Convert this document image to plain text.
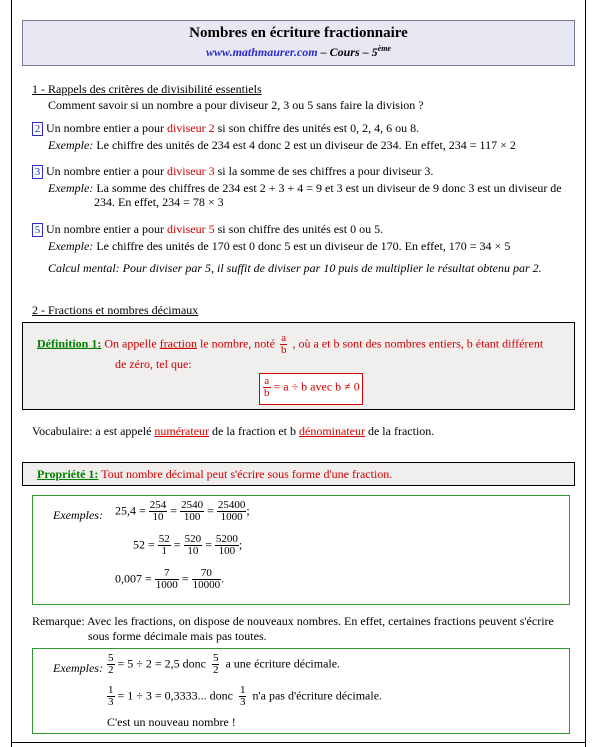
Nombres en écriture fractionnaire
www.mathmaurer.com – Cours – 5ème
1 - Rappels des critères de divisibilité essentiels
Comment savoir si un nombre a pour diviseur 2, 3 ou 5 sans faire la division ?
2 Un nombre entier a pour diviseur 2 si son chiffre des unités est 0, 2, 4, 6 ou 8.
Exemple: Le chiffre des unités de 234 est 4 donc 2 est un diviseur de 234. En effet, 234 = 117 × 2
3 Un nombre entier a pour diviseur 3 si la somme de ses chiffres a pour diviseur 3.
Exemple: La somme des chiffres de 234 est 2 + 3 + 4 = 9 et 3 est un diviseur de 9 donc 3 est un diviseur de
234. En effet, 234 = 78 × 3
5 Un nombre entier a pour diviseur 5 si son chiffre des unités est 0 ou 5.
Exemple: Le chiffre des unités de 170 est 0 donc 5 est un diviseur de 170. En effet, 170 = 34 × 5
Calcul mental: Pour diviser par 5, il suffit de diviser par 10 puis de multiplier le résultat obtenu par 2.
2 - Fractions et nombres décimaux
Définition 1: On appelle fraction le nombre, noté $\frac{a}{b}$ , où a et b sont des nombres entiers, b étant différent
de zéro, tel que:
$\frac{a}{b} = a \div b$ avec b ≠ 0
Vocabulaire: a est appelé numérateur de la fraction et b dénominateur de la fraction.
Propriété 1: Tout nombre décimal peut s'écrire sous forme d'une fraction.
Exemples: $25,4 = \frac{254}{10} = \frac{2540}{100} = \frac{25400}{1000}$ ;
$52 = \frac{52}{1} = \frac{520}{10} = \frac{5200}{100}$ ;
$0,007 = \frac{7}{1000} = \frac{70}{10000}$ .
Remarque: Avec les fractions, on dispose de nouveaux nombres. En effet, certaines fractions peuvent s'écrire
sous forme décimale mais pas toutes.
Exemples: $\frac{5}{2} = 5 \div 2 = 2,5$ donc $\frac{5}{2}$ a une écriture décimale.
$\frac{1}{3} = 1 \div 3 = 0,3333$... donc $\frac{1}{3} n'a$ pas d'écriture décimale.
C'est un nouveau nombre !
